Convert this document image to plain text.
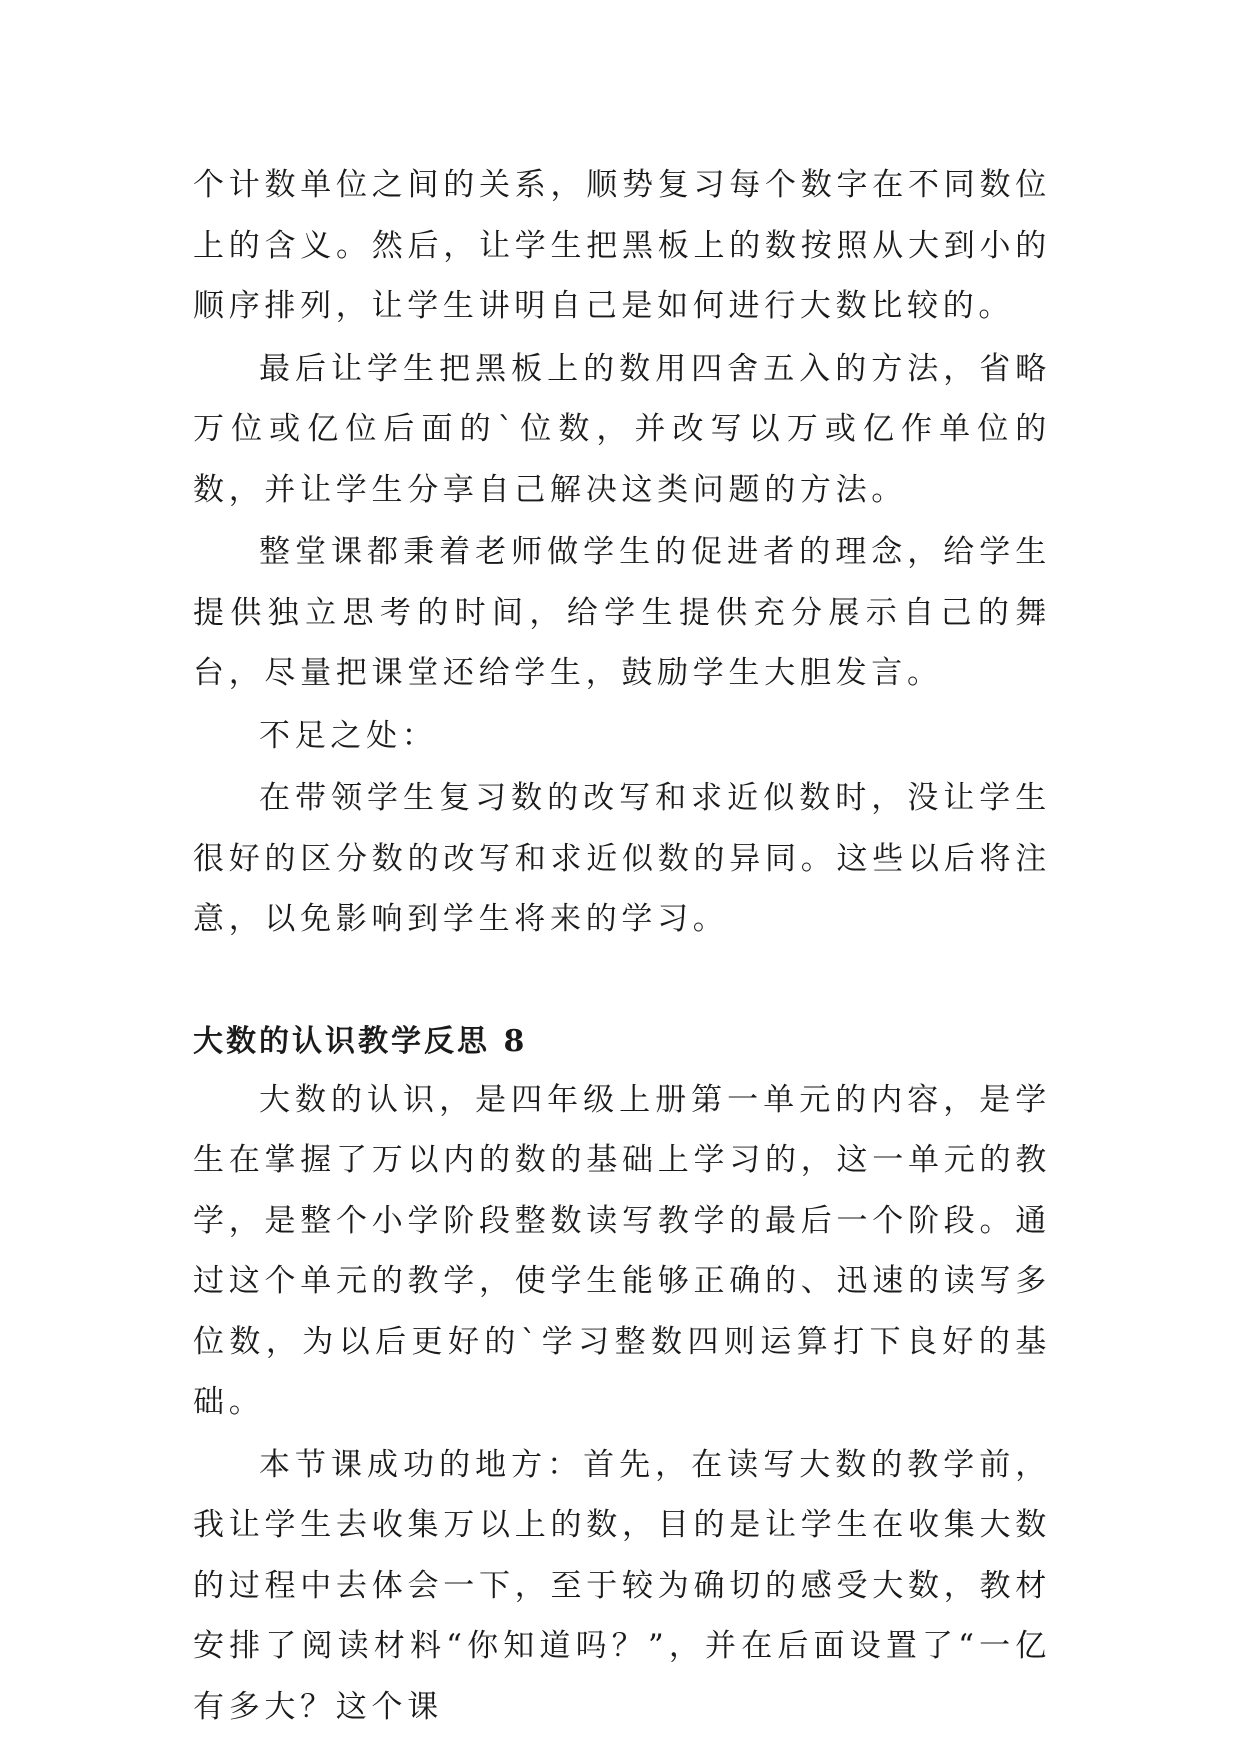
个计数单位之间的关系，顺势复习每个数字在不同数位上的含义。然后，让学生把黑板上的数按照从大到小的顺序排列，让学生讲明自己是如何进行大数比较的。

最后让学生把黑板上的数用四舍五入的方法，省略万位或亿位后面的`位数，并改写以万或亿作单位的数，并让学生分享自己解决这类问题的方法。

整堂课都秉着老师做学生的促进者的理念，给学生提供独立思考的时间，给学生提供充分展示自己的舞台，尽量把课堂还给学生，鼓励学生大胆发言。

不足之处：

在带领学生复习数的改写和求近似数时，没让学生很好的区分数的改写和求近似数的异同。这些以后将注意，以免影响到学生将来的学习。

大数的认识教学反思 8

大数的认识，是四年级上册第一单元的内容，是学生在掌握了万以内的数的基础上学习的，这一单元的教学，是整个小学阶段整数读写教学的最后一个阶段。通过这个单元的教学，使学生能够正确的、迅速的读写多位数，为以后更好的`学习整数四则运算打下良好的基础。

本节课成功的地方：首先，在读写大数的教学前，我让学生去收集万以上的数，目的是让学生在收集大数的过程中去体会一下，至于较为确切的感受大数，教材安排了阅读材料“你知道吗？”，并在后面设置了“一亿有多大？这个课
